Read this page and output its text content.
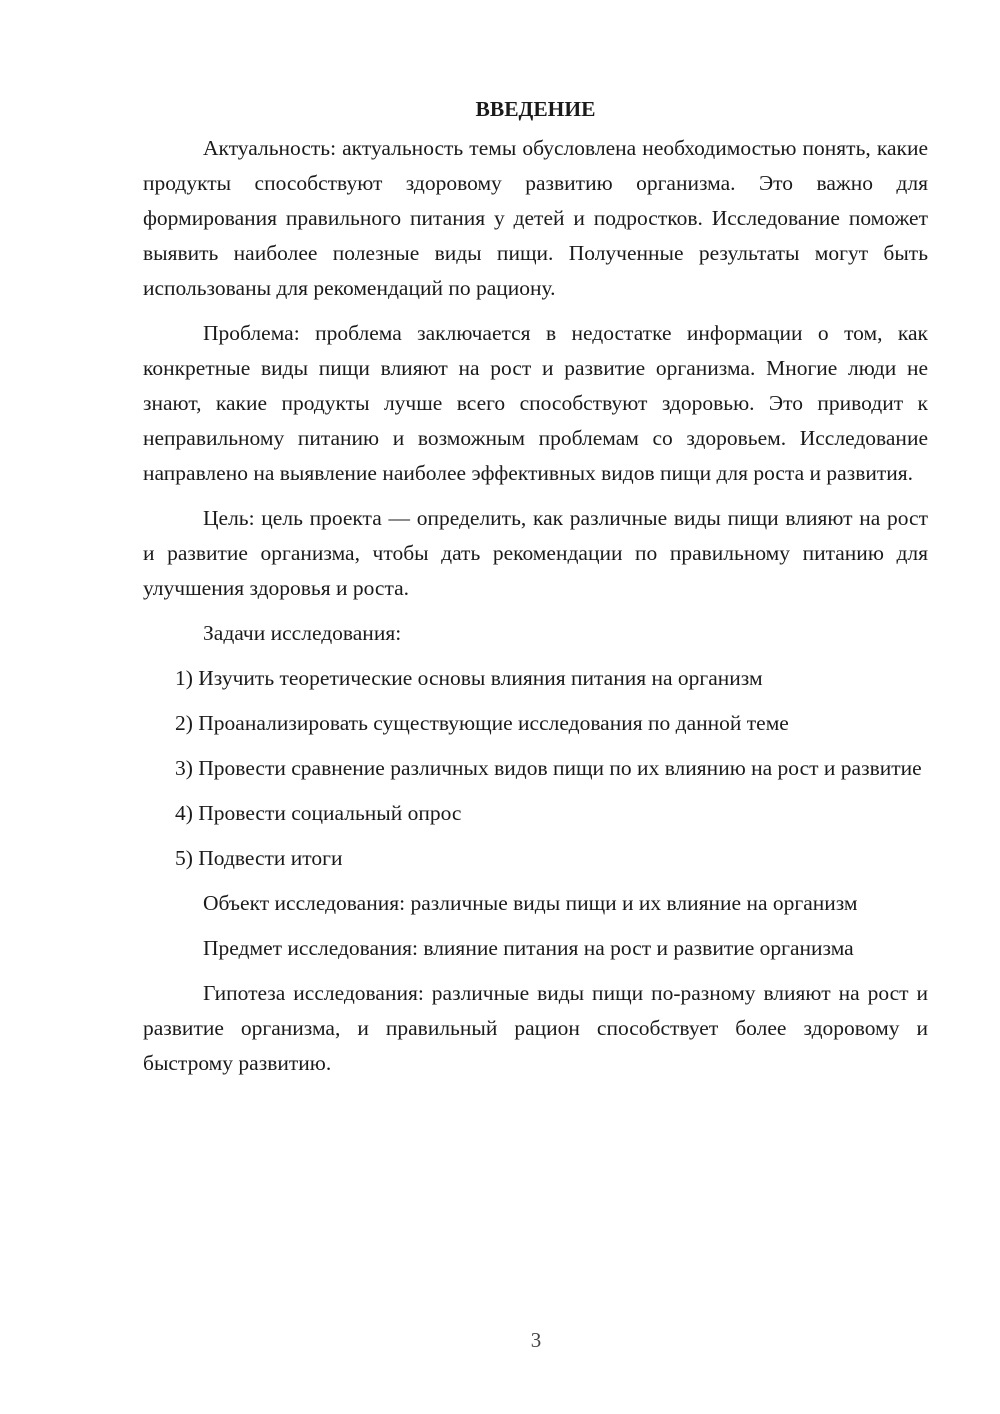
ВВЕДЕНИЕ

Актуальность: актуальность темы обусловлена необходимостью понять, какие продукты способствуют здоровому развитию организма. Это важно для формирования правильного питания у детей и подростков. Исследование поможет выявить наиболее полезные виды пищи. Полученные результаты могут быть использованы для рекомендаций по рациону.

Проблема: проблема заключается в недостатке информации о том, как конкретные виды пищи влияют на рост и развитие организма. Многие люди не знают, какие продукты лучше всего способствуют здоровью. Это приводит к неправильному питанию и возможным проблемам со здоровьем. Исследование направлено на выявление наиболее эффективных видов пищи для роста и развития.

Цель: цель проекта — определить, как различные виды пищи влияют на рост и развитие организма, чтобы дать рекомендации по правильному питанию для улучшения здоровья и роста.

Задачи исследования:

1) Изучить теоретические основы влияния питания на организм

2) Проанализировать существующие исследования по данной теме

3) Провести сравнение различных видов пищи по их влиянию на рост и развитие

4) Провести социальный опрос

5) Подвести итоги

Объект исследования: различные виды пищи и их влияние на организм

Предмет исследования: влияние питания на рост и развитие организма

Гипотеза исследования: различные виды пищи по-разному влияют на рост и развитие организма, и правильный рацион способствует более здоровому и быстрому развитию.

3
